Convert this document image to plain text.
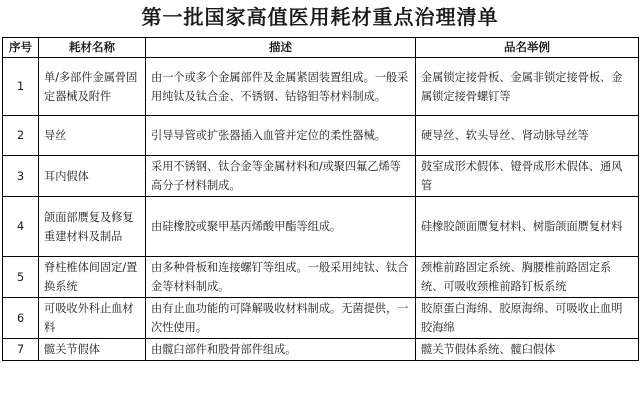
第一批国家高值医用耗材重点治理清单
序号	耗材名称	描述	品名举例
1	单/多部件金属骨固定器械及附件	由一个或多个金属部件及金属紧固装置组成。一般采用纯钛及钛合金、不锈钢、钴铬钼等材料制成。	金属锁定接骨板、金属非锁定接骨板、金属锁定接骨螺钉等
2	导丝	引导导管或扩张器插入血管并定位的柔性器械。	硬导丝、软头导丝、肾动脉导丝等
3	耳内假体	采用不锈钢、钛合金等金属材料和/或聚四氟乙烯等高分子材料制成。	鼓室成形术假体、镫骨成形术假体、通风管
4	颌面部赝复及修复重建材料及制品	由硅橡胶或聚甲基丙烯酸甲酯等组成。	硅橡胶颌面赝复材料、树脂颌面赝复材料
5	脊柱椎体间固定/置换系统	由多种骨板和连接螺钉等组成。一般采用纯钛、钛合金等材料制成。	颈椎前路固定系统、胸腰椎前路固定系统、可吸收颈椎前路钉板系统
6	可吸收外科止血材料	由有止血功能的可降解吸收材料制成。无菌提供，一次性使用。	胶原蛋白海绵、胶原海绵、可吸收止血明胶海绵
7	髋关节假体	由髋臼部件和股骨部件组成。	髋关节假体系统、髋臼假体
